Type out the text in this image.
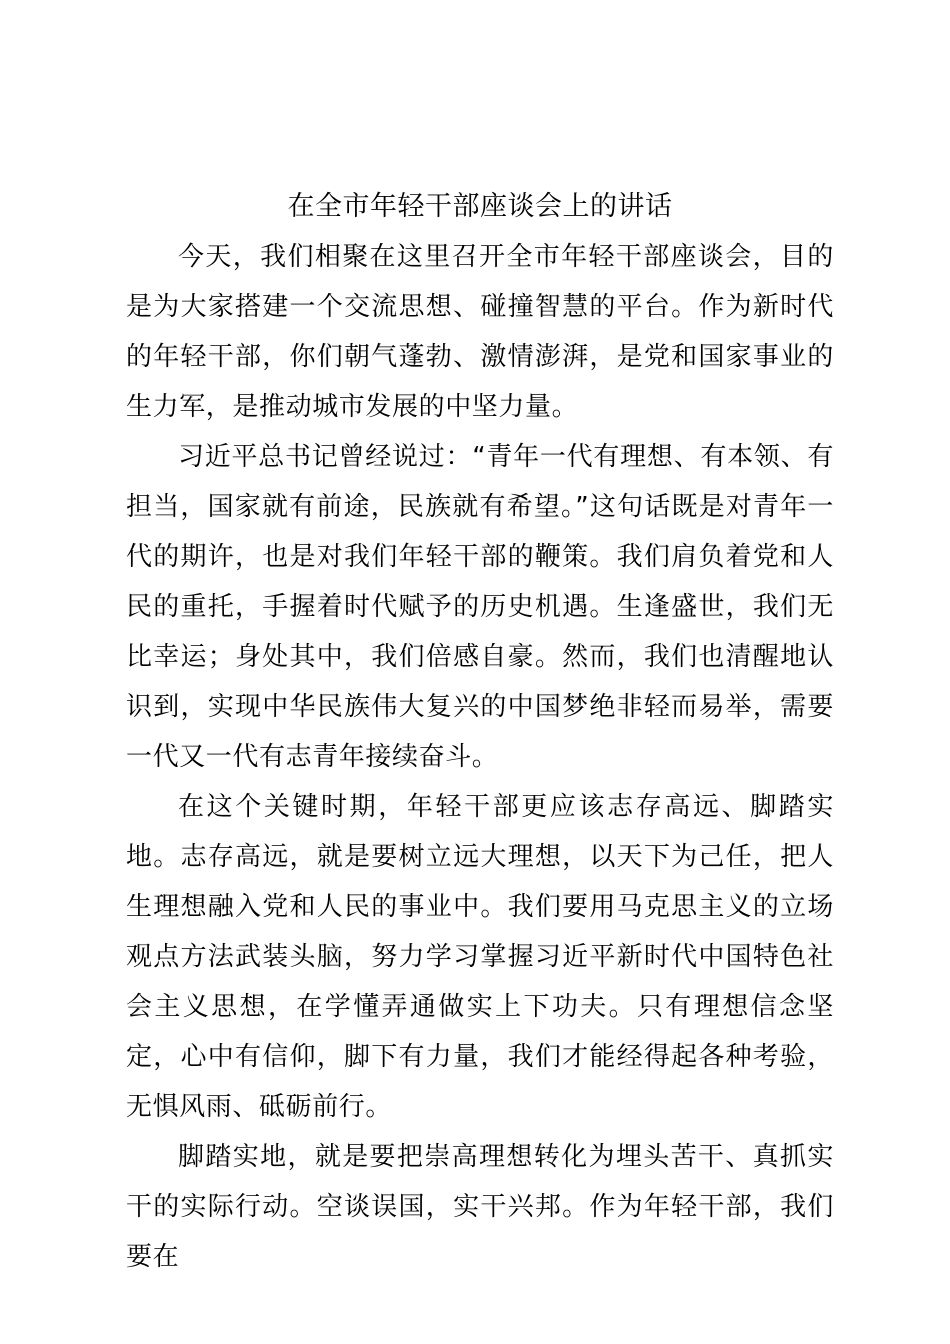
在全市年轻干部座谈会上的讲话

今天，我们相聚在这里召开全市年轻干部座谈会，目的是为大家搭建一个交流思想、碰撞智慧的平台。作为新时代的年轻干部，你们朝气蓬勃、激情澎湃，是党和国家事业的生力军，是推动城市发展的中坚力量。

习近平总书记曾经说过：“青年一代有理想、有本领、有担当，国家就有前途，民族就有希望。”这句话既是对青年一代的期许，也是对我们年轻干部的鞭策。我们肩负着党和人民的重托，手握着时代赋予的历史机遇。生逢盛世，我们无比幸运；身处其中，我们倍感自豪。然而，我们也清醒地认识到，实现中华民族伟大复兴的中国梦绝非轻而易举，需要一代又一代有志青年接续奋斗。

在这个关键时期，年轻干部更应该志存高远、脚踏实地。志存高远，就是要树立远大理想，以天下为己任，把人生理想融入党和人民的事业中。我们要用马克思主义的立场观点方法武装头脑，努力学习掌握习近平新时代中国特色社会主义思想，在学懂弄通做实上下功夫。只有理想信念坚定，心中有信仰，脚下有力量，我们才能经得起各种考验，无惧风雨、砥砺前行。

脚踏实地，就是要把崇高理想转化为埋头苦干、真抓实干的实际行动。空谈误国，实干兴邦。作为年轻干部，我们要在
